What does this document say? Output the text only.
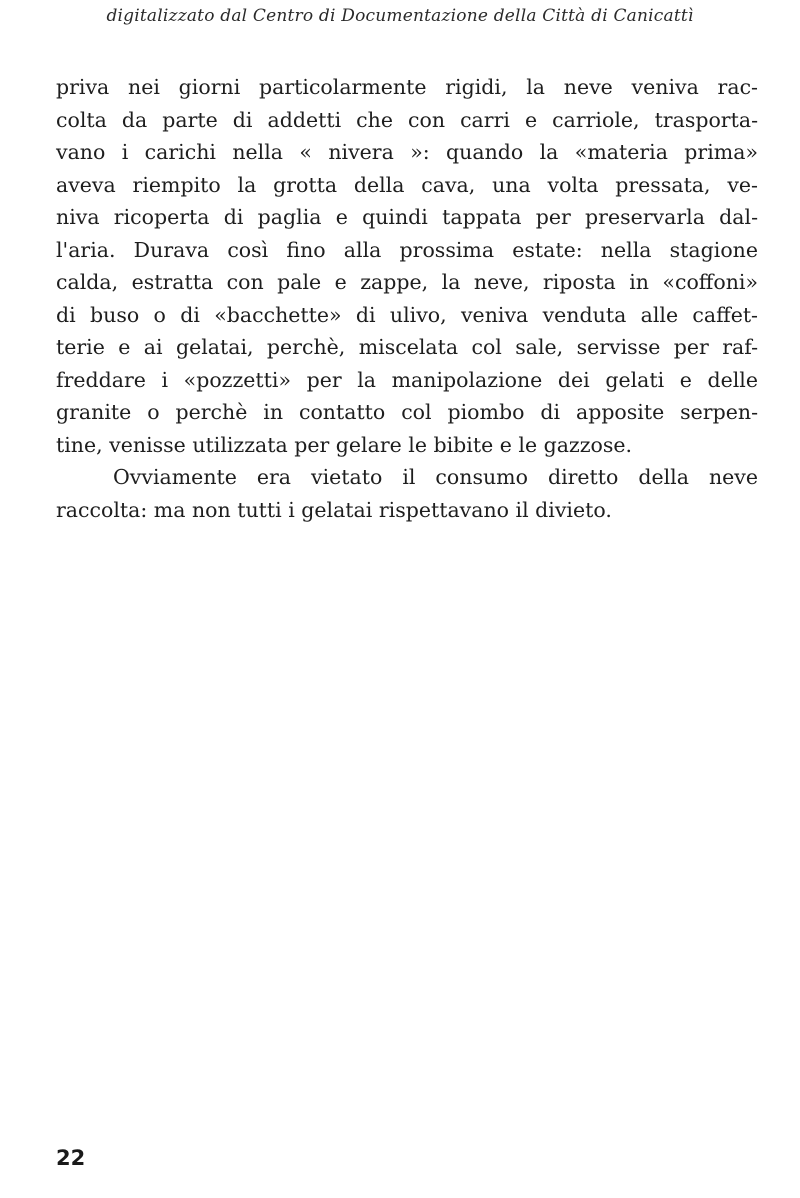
digitalizzato dal Centro di Documentazione della Città di Canicattì
priva nei giorni particolarmente rigidi, la neve veniva rac-
colta da parte di addetti che con carri e carriole, trasporta-
vano i carichi nella « nivera »: quando la «materia prima»
aveva riempito la grotta della cava, una volta pressata, ve-
niva ricoperta di paglia e quindi tappata per preservarla dal-
l'aria. Durava così fino alla prossima estate: nella stagione
calda, estratta con pale e zappe, la neve, riposta in «coffoni»
di buso o di «bacchette» di ulivo, veniva venduta alle caffet-
terie e ai gelatai, perchè, miscelata col sale, servisse per raf-
freddare i «pozzetti» per la manipolazione dei gelati e delle
granite o perchè in contatto col piombo di apposite serpen-
tine, venisse utilizzata per gelare le bibite e le gazzose.
Ovviamente era vietato il consumo diretto della neve
raccolta: ma non tutti i gelatai rispettavano il divieto.
22
